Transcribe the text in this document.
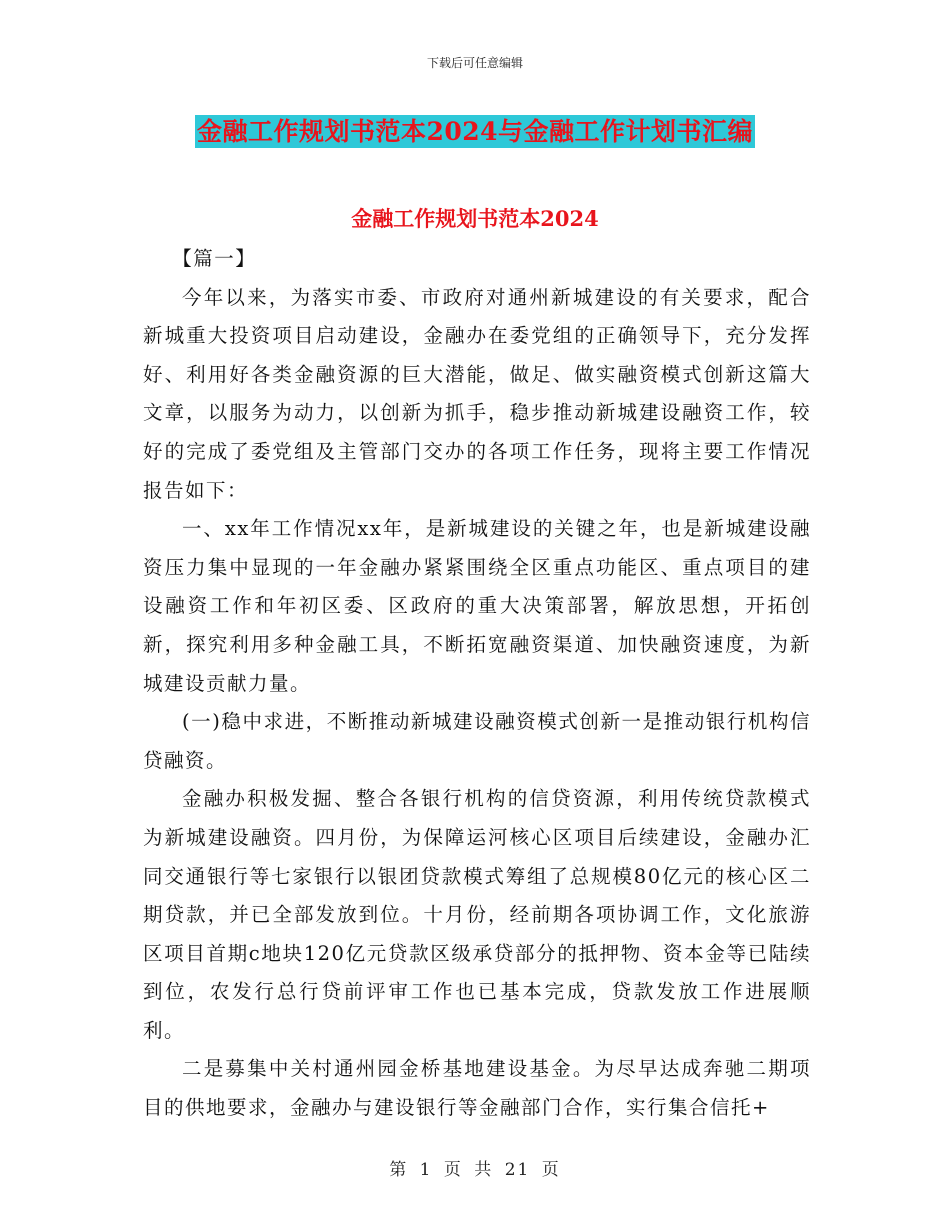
下载后可任意编辑
金融工作规划书范本2024与金融工作计划书汇编
金融工作规划书范本2024

【篇一】

今年以来，为落实市委、市政府对通州新城建设的有关要求，配合新城重大投资项目启动建设，金融办在委党组的正确领导下，充分发挥好、利用好各类金融资源的巨大潜能，做足、做实融资模式创新这篇大文章，以服务为动力，以创新为抓手，稳步推动新城建设融资工作，较好的完成了委党组及主管部门交办的各项工作任务，现将主要工作情况报告如下：

一、xx年工作情况xx年，是新城建设的关键之年，也是新城建设融资压力集中显现的一年金融办紧紧围绕全区重点功能区、重点项目的建设融资工作和年初区委、区政府的重大决策部署，解放思想，开拓创新，探究利用多种金融工具，不断拓宽融资渠道、加快融资速度，为新城建设贡献力量。

(一)稳中求进，不断推动新城建设融资模式创新一是推动银行机构信贷融资。

金融办积极发掘、整合各银行机构的信贷资源，利用传统贷款模式为新城建设融资。四月份，为保障运河核心区项目后续建设，金融办汇同交通银行等七家银行以银团贷款模式筹组了总规模80亿元的核心区二期贷款，并已全部发放到位。十月份，经前期各项协调工作，文化旅游区项目首期c地块120亿元贷款区级承贷部分的抵押物、资本金等已陆续到位，农发行总行贷前评审工作也已基本完成，贷款发放工作进展顺利。

二是募集中关村通州园金桥基地建设基金。为尽早达成奔驰二期项目的供地要求，金融办与建设银行等金融部门合作，实行集合信托+

第 1 页 共 21 页
